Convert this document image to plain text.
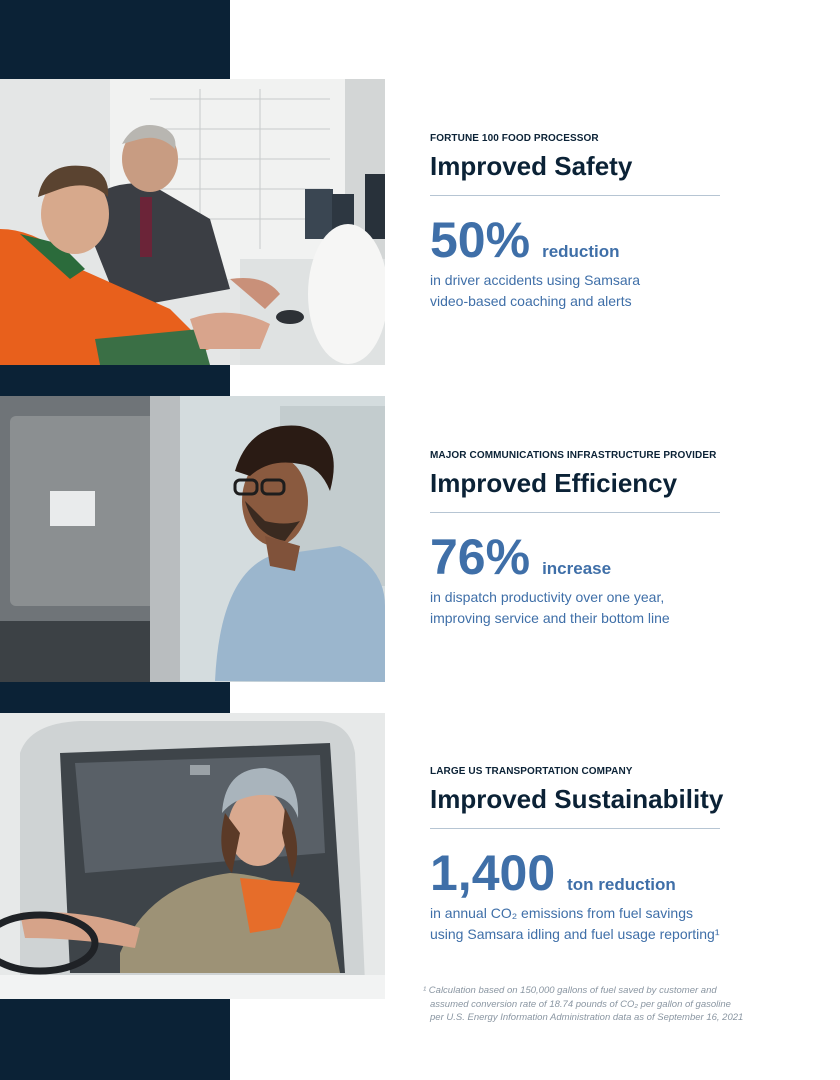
FORTUNE 100 FOOD PROCESSOR
Improved Safety
50% reduction
in driver accidents using Samsara
video-based coaching and alerts
MAJOR COMMUNICATIONS INFRASTRUCTURE PROVIDER
Improved Efficiency
76% increase
in dispatch productivity over one year,
improving service and their bottom line
LARGE US TRANSPORTATION COMPANY
Improved Sustainability
1,400 ton reduction
in annual CO₂ emissions from fuel savings
using Samsara idling and fuel usage reporting¹
¹ Calculation based on 150,000 gallons of fuel saved by customer and
assumed conversion rate of 18.74 pounds of CO₂ per gallon of gasoline
per U.S. Energy Information Administration data as of September 16, 2021
